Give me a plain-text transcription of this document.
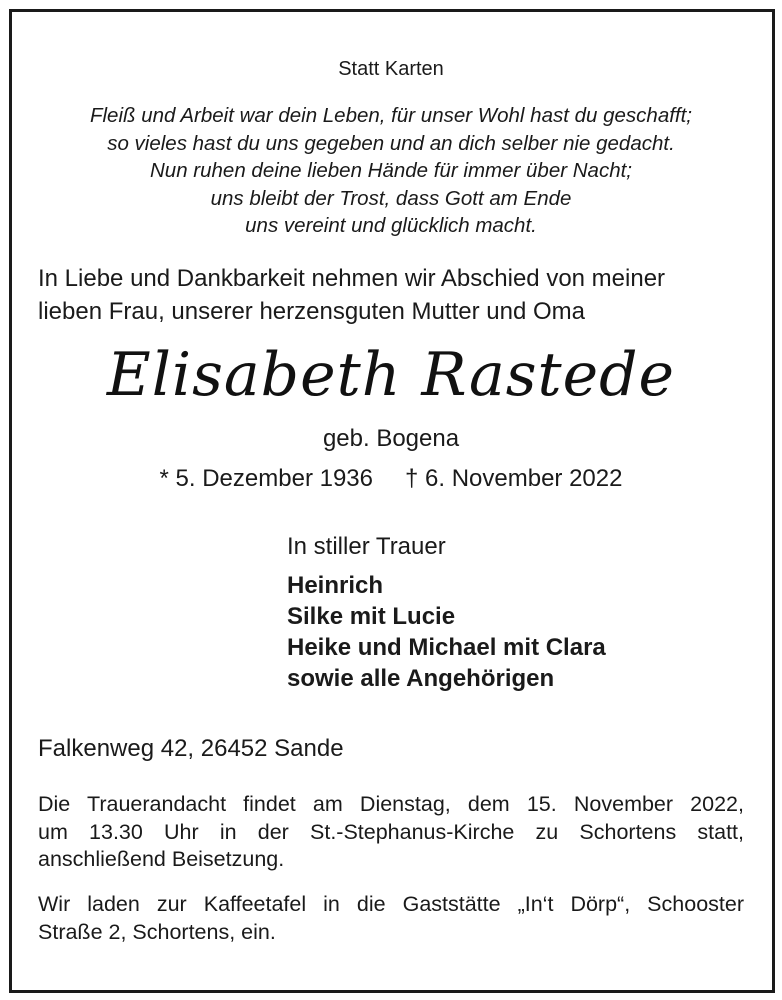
Statt Karten
Fleiß und Arbeit war dein Leben, für unser Wohl hast du geschafft;
so vieles hast du uns gegeben und an dich selber nie gedacht.
Nun ruhen deine lieben Hände für immer über Nacht;
uns bleibt der Trost, dass Gott am Ende
uns vereint und glücklich macht.
In Liebe und Dankbarkeit nehmen wir Abschied von meiner
lieben Frau, unserer herzensguten Mutter und Oma
Elisabeth Rastede
geb. Bogena
* 5. Dezember 1936 † 6. November 2022
In stiller Trauer
Heinrich
Silke mit Lucie
Heike und Michael mit Clara
sowie alle Angehörigen
Falkenweg 42, 26452 Sande
Die Trauerandacht findet am Dienstag, dem 15. November 2022,
um 13.30 Uhr in der St.-Stephanus-Kirche zu Schortens statt,
anschließend Beisetzung.
Wir laden zur Kaffeetafel in die Gaststätte „In‘t Dörp“, Schooster
Straße 2, Schortens, ein.
